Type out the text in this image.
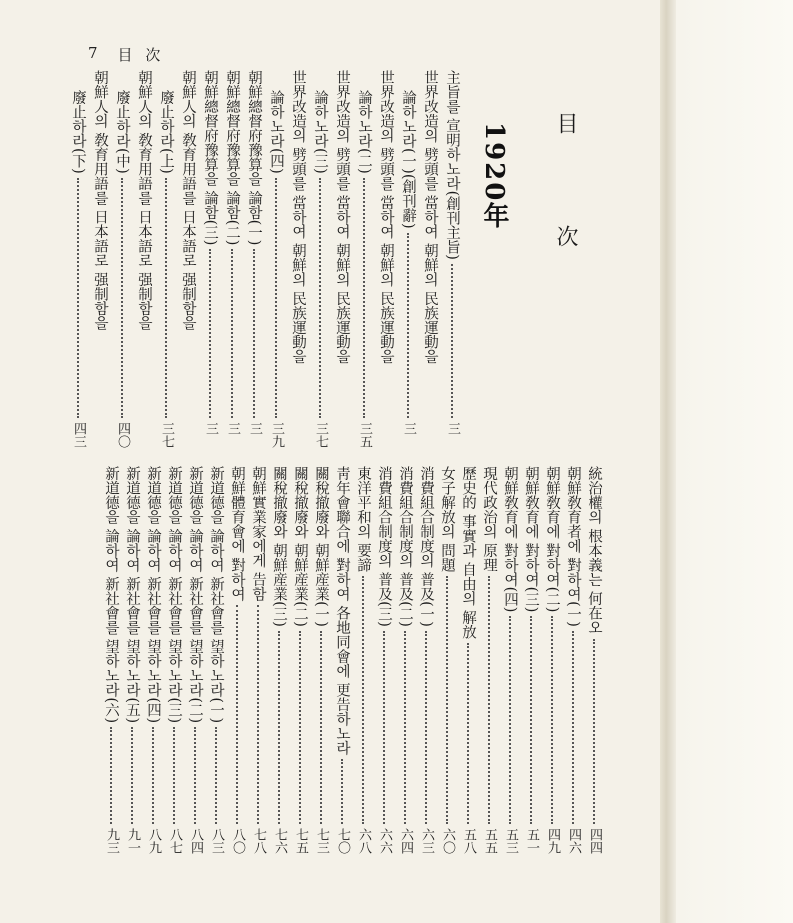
7 目 次
目 次
1920年
主旨를 宣明하노라(創刊主旨)
三
世界改造의 劈頭를 當하여 朝鮮의 民族運動을
論하노라(一)(創刊辭)
三
世界改造의 劈頭를 當하여 朝鮮의 民族運動을
論하노라(二)
三五
世界改造의 劈頭를 當하여 朝鮮의 民族運動을
論하노라(三)
三七
世界改造의 劈頭를 當하여 朝鮮의 民族運動을
論하노라(四)
三九
朝鮮總督府豫算을 論함(一)
三
朝鮮總督府豫算을 論함(二)
三
朝鮮總督府豫算을 論함(三)
三
朝鮮人의 敎育用語를 日本語로 强制함을
廢止하라(上)
三七
朝鮮人의 敎育用語를 日本語로 强制함을
廢止하라(中)
四〇
朝鮮人의 敎育用語를 日本語로 强制함을
廢止하라(下)
四三
統治權의 根本義는 何在오
四四
朝鮮敎育者에 對하여(一)
四六
朝鮮敎育에 對하여(二)
四九
朝鮮敎育에 對하여(三)
五一
朝鮮敎育에 對하여(四)
五三
現代政治의 原理
五五
歷史的 事實과 自由의 解放
五八
女子解放의 問題
六〇
消費組合制度의 普及(一)
六三
消費組合制度의 普及(二)
六四
消費組合制度의 普及(三)
六六
東洋平和의 要諦
六八
靑年會聯合에 對하여 各地同會에 更告하노라
七〇
關稅撤廢와 朝鮮産業(一)
七三
關稅撤廢와 朝鮮産業(二)
七五
關稅撤廢와 朝鮮産業(三)
七六
朝鮮實業家에게 告함
七八
朝鮮體育會에 對하여
八〇
新道德을 論하여 新社會를 望하노라(一)
八三
新道德을 論하여 新社會를 望하노라(二)
八四
新道德을 論하여 新社會를 望하노라(三)
八七
新道德을 論하여 新社會를 望하노라(四)
八九
新道德을 論하여 新社會를 望하노라(五)
九一
新道德을 論하여 新社會를 望하노라(六)
九三
